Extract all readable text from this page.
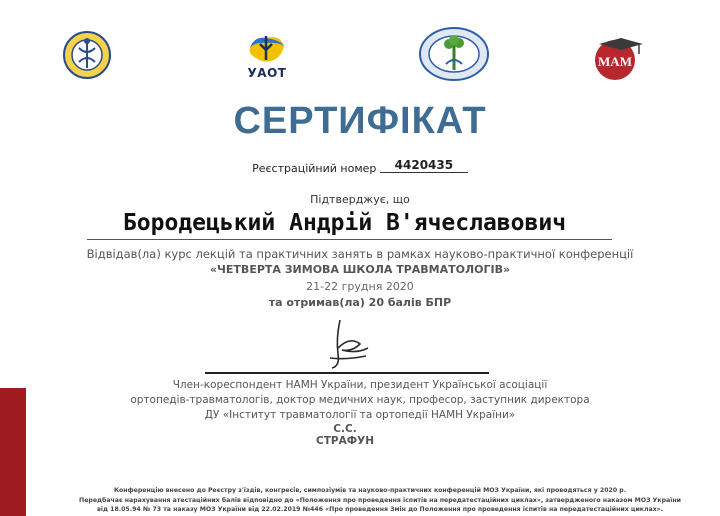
УАОТ
МАМ
СЕРТИФІКАТ
Реєстраційний номер 4420435
Підтверджує, що
Бородецький Андрій В'ячеславович
Відвідав(ла) курс лекцій та практичних занять в рамках науково-практичної конференції
«ЧЕТВЕРТА ЗИМОВА ШКОЛА ТРАВМАТОЛОГІВ»
21-22 грудня 2020
та отримав(ла) 20 балів БПР
Член-кореспондент НАМН України, президент Української асоціації
ортопедів-травматологів, доктор медичних наук, професор, заступник директора
ДУ «Інститут травматології та ортопедії НАМН України»
С.С. СТРАФУН
Конференцію внесено до Реєстру з'їздів, конгресів, симпозіумів та науково-практичних конференцій МОЗ України, які проводяться у 2020 р.
Передбачає нарахування атестаційних балів відповідно до «Положення про проведення іспитів на передатестаційних циклах», затвердженого наказом МОЗ України
від 18.05.94 № 73 та наказу МОЗ України від 22.02.2019 №446 «Про проведення Змін до Положення про проведення іспитів на передатестаційних циклах».
